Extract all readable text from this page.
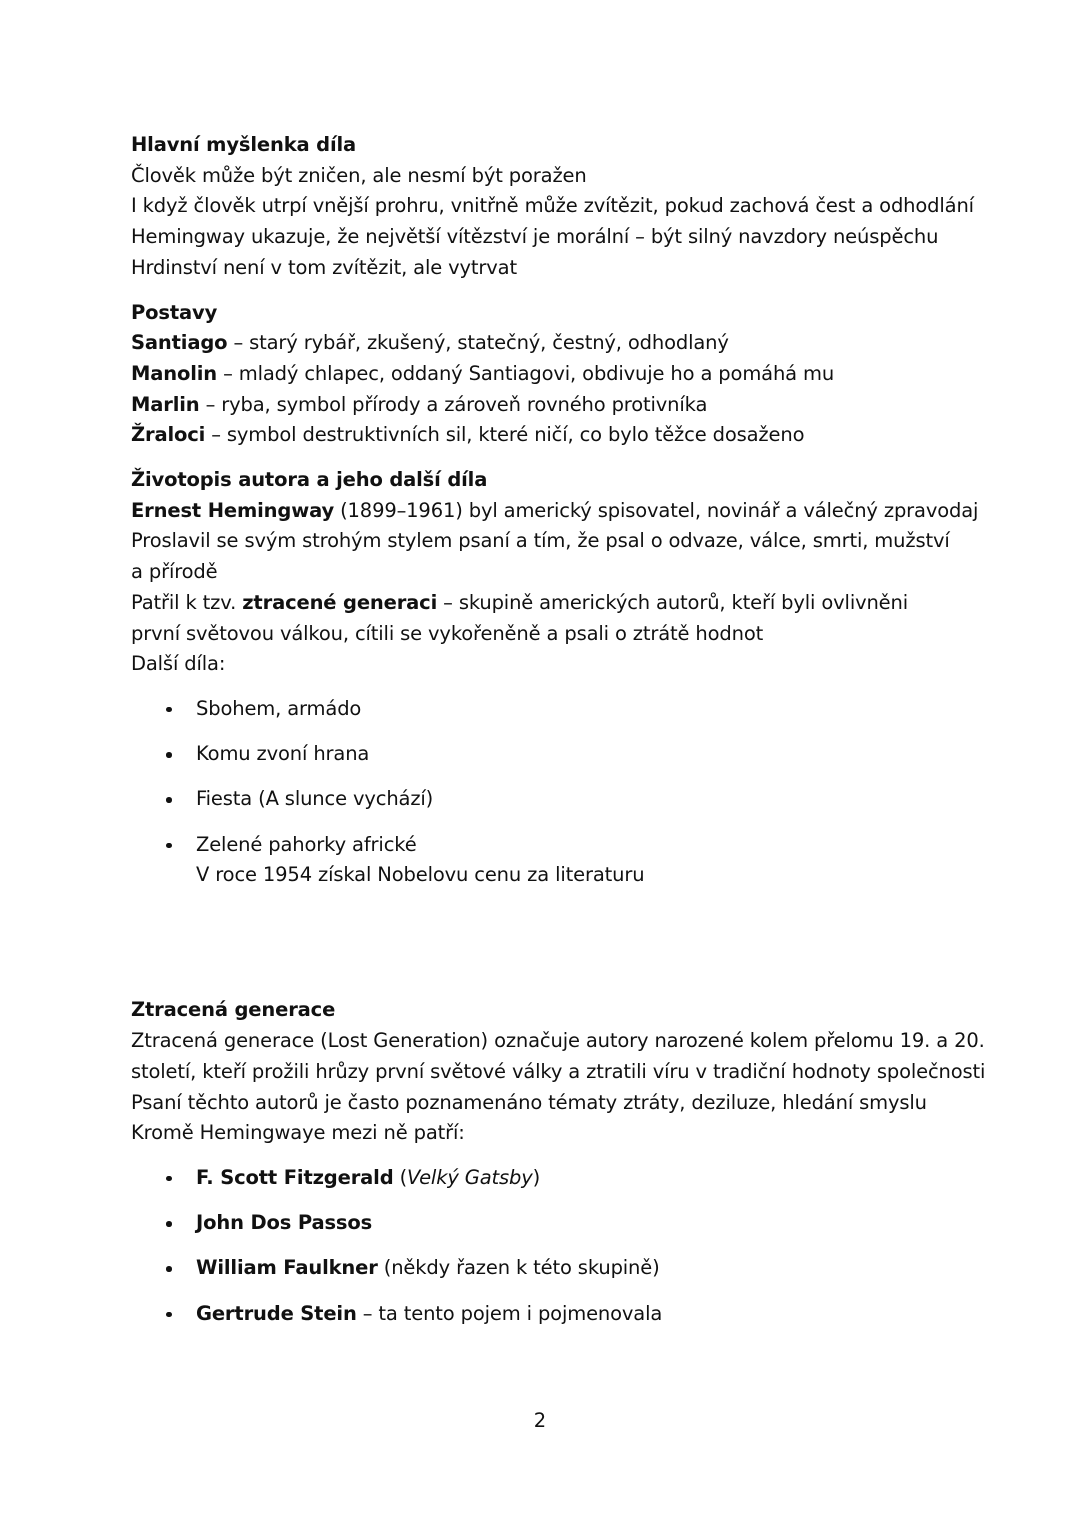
Hlavní myšlenka díla
Člověk může být zničen, ale nesmí být poražen
I když člověk utrpí vnější prohru, vnitřně může zvítězit, pokud zachová čest a odhodlání
Hemingway ukazuje, že největší vítězství je morální – být silný navzdory neúspěchu
Hrdinství není v tom zvítězit, ale vytrvat
Postavy
Santiago – starý rybář, zkušený, statečný, čestný, odhodlaný
Manolin – mladý chlapec, oddaný Santiagovi, obdivuje ho a pomáhá mu
Marlin – ryba, symbol přírody a zároveň rovného protivníka
Žraloci – symbol destruktivních sil, které ničí, co bylo těžce dosaženo
Životopis autora a jeho další díla
Ernest Hemingway (1899–1961) byl americký spisovatel, novinář a válečný zpravodaj
Proslavil se svým strohým stylem psaní a tím, že psal o odvaze, válce, smrti, mužství a přírodě
Patřil k tzv. ztracené generaci – skupině amerických autorů, kteří byli ovlivněni první světovou válkou, cítili se vykořeněně a psali o ztrátě hodnot
Další díla:
Sbohem, armádo
Komu zvoní hrana
Fiesta (A slunce vychází)
Zelené pahorky africké
V roce 1954 získal Nobelovu cenu za literaturu
Ztracená generace
Ztracená generace (Lost Generation) označuje autory narozené kolem přelomu 19. a 20.
století, kteří prožili hrůzy první světové války a ztratili víru v tradiční hodnoty společnosti
Psaní těchto autorů je často poznamenáno tématy ztráty, deziluze, hledání smyslu
Kromě Hemingwaye mezi ně patří:
F. Scott Fitzgerald (Velký Gatsby)
John Dos Passos
William Faulkner (někdy řazen k této skupině)
Gertrude Stein – ta tento pojem i pojmenovala
2
